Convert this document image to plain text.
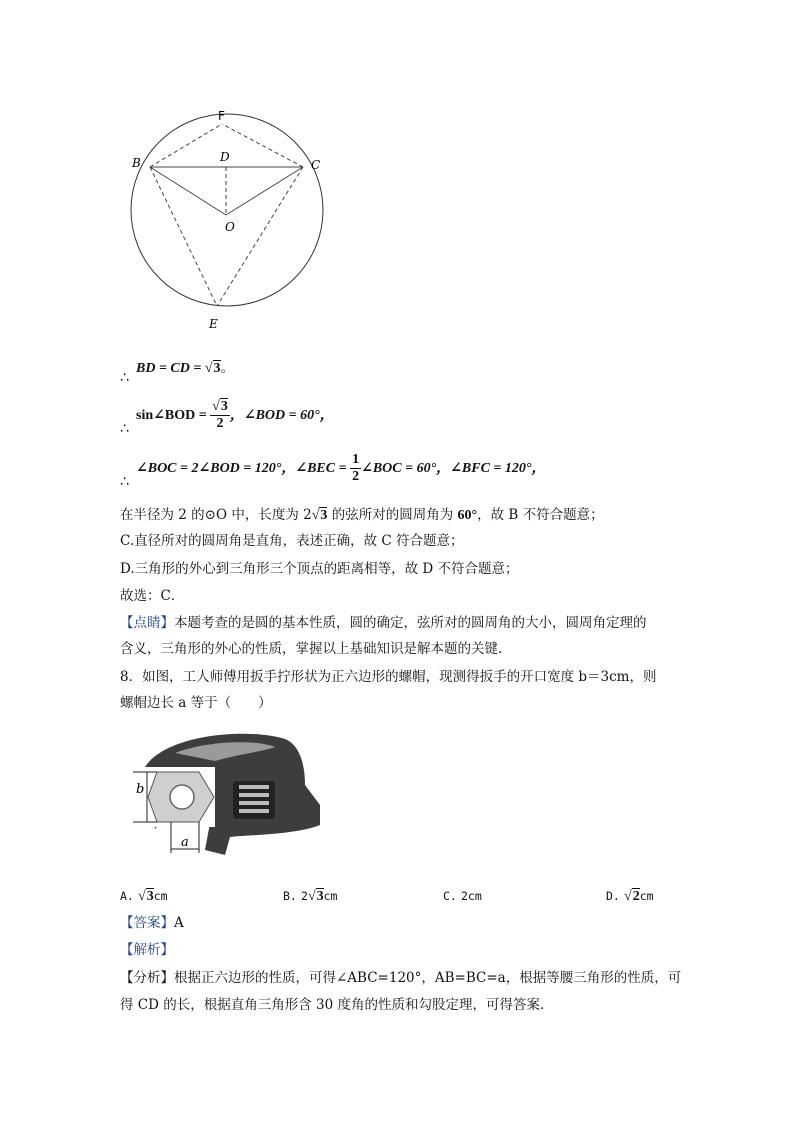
F
B	D
C
O
E
∴
BD = CD = √3。
∴
sin∠BOD = $\frac{√3}{2}$ ，∠BOD = 60°，
∴
∠BOC = 2∠BOD = 120°，∠BEC = $\frac{1}{2}$ ∠BOC = 60°，∠BFC = 120°，
在半径为 2 的⊙O 中，长度为 2√3 的弦所对的圆周角为 60°，故 B 不符合题意；
C.直径所对的圆周角是直角，表述正确，故 C 符合题意；
D.三角形的外心到三角形三个顶点的距离相等，故 D 不符合题意；
故选：C．
【点睛】本题考查的是圆的基本性质，圆的确定，弦所对的圆周角的大小，圆周角定理的
含义，三角形的外心的性质，掌握以上基础知识是解本题的关键．
8．如图，工人师傅用扳手拧形状为正六边形的螺帽，现测得扳手的开口宽度 b＝3cm，则
螺帽边长 a 等于（　　）
b
a
A. √3cm	B. 2√3cm	C. 2cm	D. √2cm
【答案】A
【解析】
【分析】根据正六边形的性质，可得∠ABC=120°，AB=BC=a，根据等腰三角形的性质，可
得 CD 的长，根据直角三角形含 30 度角的性质和勾股定理，可得答案．
